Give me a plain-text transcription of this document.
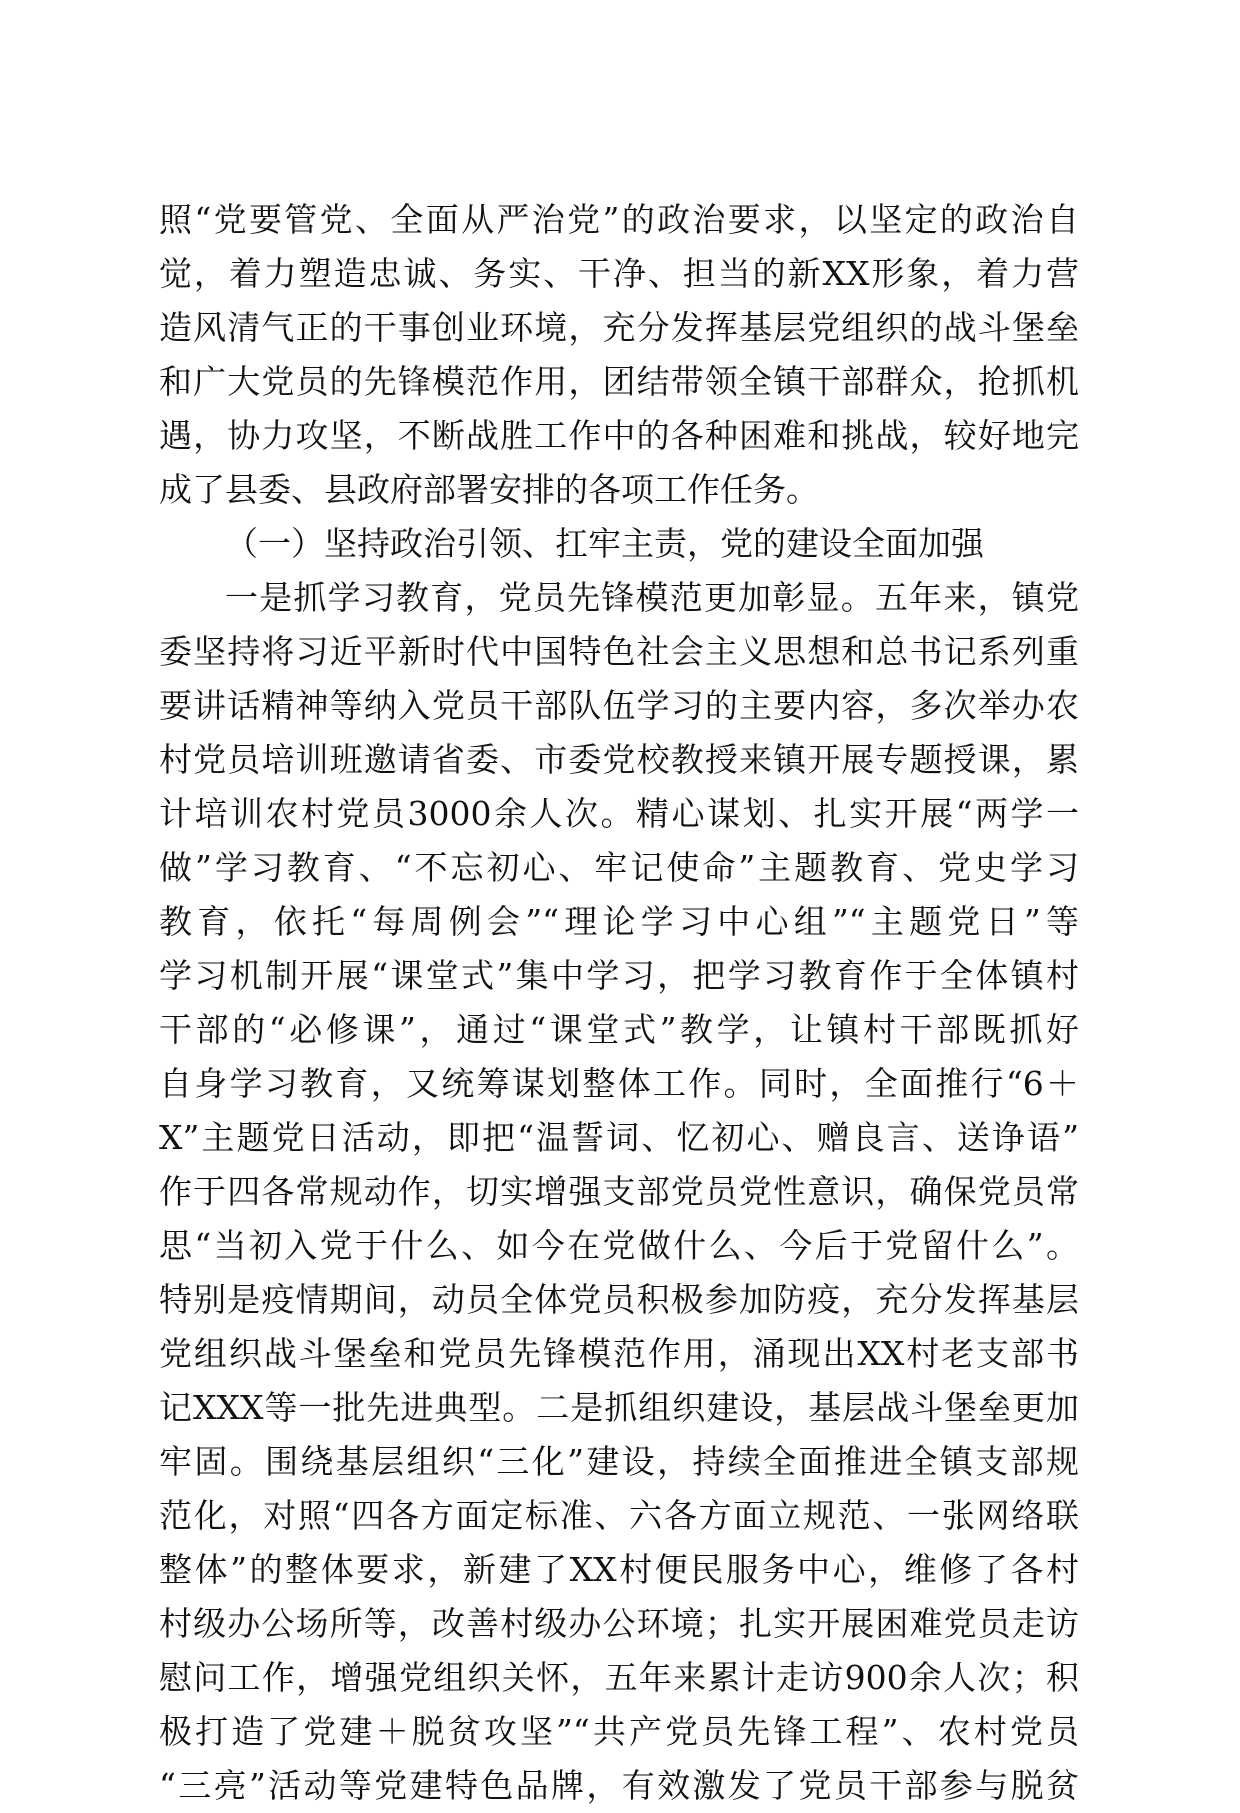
照“党要管党、全面从严治党”的政治要求，以坚定的政治自
觉，着力塑造忠诚、务实、干净、担当的新XX形象，着力营
造风清气正的干事创业环境，充分发挥基层党组织的战斗堡垒
和广大党员的先锋模范作用，团结带领全镇干部群众，抢抓机
遇，协力攻坚，不断战胜工作中的各种困难和挑战，较好地完
成了县委、县政府部署安排的各项工作任务。
（一）坚持政治引领、扛牢主责，党的建设全面加强
一是抓学习教育，党员先锋模范更加彰显。五年来，镇党
委坚持将习近平新时代中国特色社会主义思想和总书记系列重
要讲话精神等纳入党员干部队伍学习的主要内容，多次举办农
村党员培训班邀请省委、市委党校教授来镇开展专题授课，累
计培训农村党员3000余人次。精心谋划、扎实开展“两学一
做”学习教育、“不忘初心、牢记使命”主题教育、党史学习
教育，依托“每周例会”“理论学习中心组”“主题党日”等
学习机制开展“课堂式”集中学习，把学习教育作于全体镇村
干部的“必修课”，通过“课堂式”教学，让镇村干部既抓好
自身学习教育，又统筹谋划整体工作。同时，全面推行“6＋
X”主题党日活动，即把“温誓词、忆初心、赠良言、送诤语”
作于四各常规动作，切实增强支部党员党性意识，确保党员常
思“当初入党于什么、如今在党做什么、今后于党留什么”。
特别是疫情期间，动员全体党员积极参加防疫，充分发挥基层
党组织战斗堡垒和党员先锋模范作用，涌现出XX村老支部书
记XXX等一批先进典型。二是抓组织建设，基层战斗堡垒更加
牢固。围绕基层组织“三化”建设，持续全面推进全镇支部规
范化，对照“四各方面定标准、六各方面立规范、一张网络联
整体”的整体要求，新建了XX村便民服务中心，维修了各村
村级办公场所等，改善村级办公环境；扎实开展困难党员走访
慰问工作，增强党组织关怀，五年来累计走访900余人次；积
极打造了党建＋脱贫攻坚”“共产党员先锋工程”、农村党员
“三亮”活动等党建特色品牌，有效激发了党员干部参与脱贫
